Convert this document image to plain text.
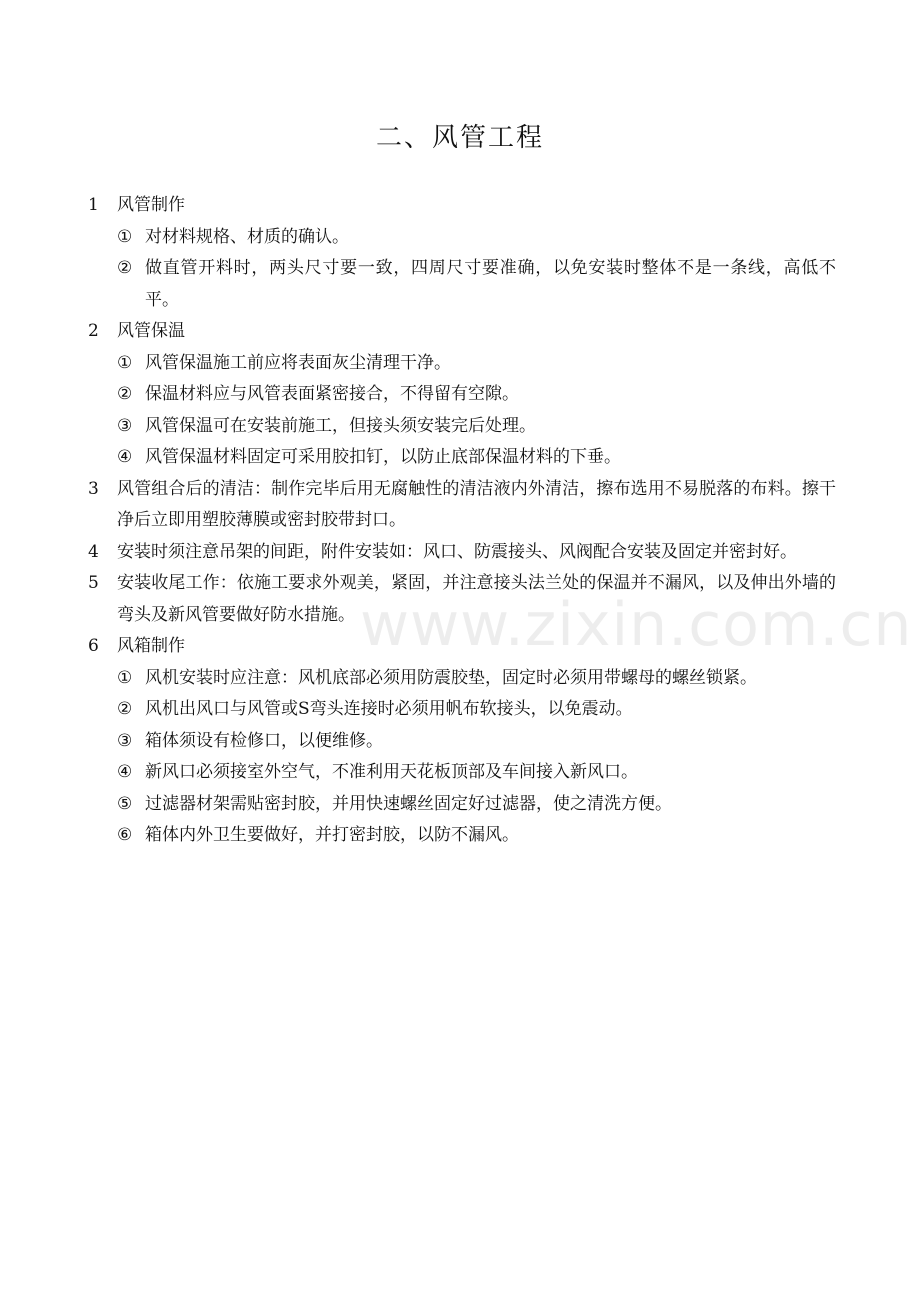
www.zixin.com.cn
二、风管工程
1	风管制作
① 对材料规格、材质的确认。
② 做直管开料时，两头尺寸要一致，四周尺寸要准确，以免安装时整体不是一条线，高低不平。
2	风管保温
① 风管保温施工前应将表面灰尘清理干净。
② 保温材料应与风管表面紧密接合，不得留有空隙。
③ 风管保温可在安装前施工，但接头须安装完后处理。
④ 风管保温材料固定可采用胶扣钉，以防止底部保温材料的下垂。
3	风管组合后的清洁：制作完毕后用无腐触性的清洁液内外清洁，擦布选用不易脱落的布料。擦干净后立即用塑胶薄膜或密封胶带封口。
4	安装时须注意吊架的间距，附件安装如：风口、防震接头、风阀配合安装及固定并密封好。
5	安装收尾工作：依施工要求外观美，紧固，并注意接头法兰处的保温并不漏风，以及伸出外墙的弯头及新风管要做好防水措施。
6	风箱制作
① 风机安装时应注意：风机底部必须用防震胶垫，固定时必须用带螺母的螺丝锁紧。
② 风机出风口与风管或S弯头连接时必须用帆布软接头，以免震动。
③ 箱体须设有检修口，以便维修。
④ 新风口必须接室外空气，不准利用天花板顶部及车间接入新风口。
⑤ 过滤器材架需贴密封胶，并用快速螺丝固定好过滤器，使之清洗方便。
⑥ 箱体内外卫生要做好，并打密封胶，以防不漏风。
